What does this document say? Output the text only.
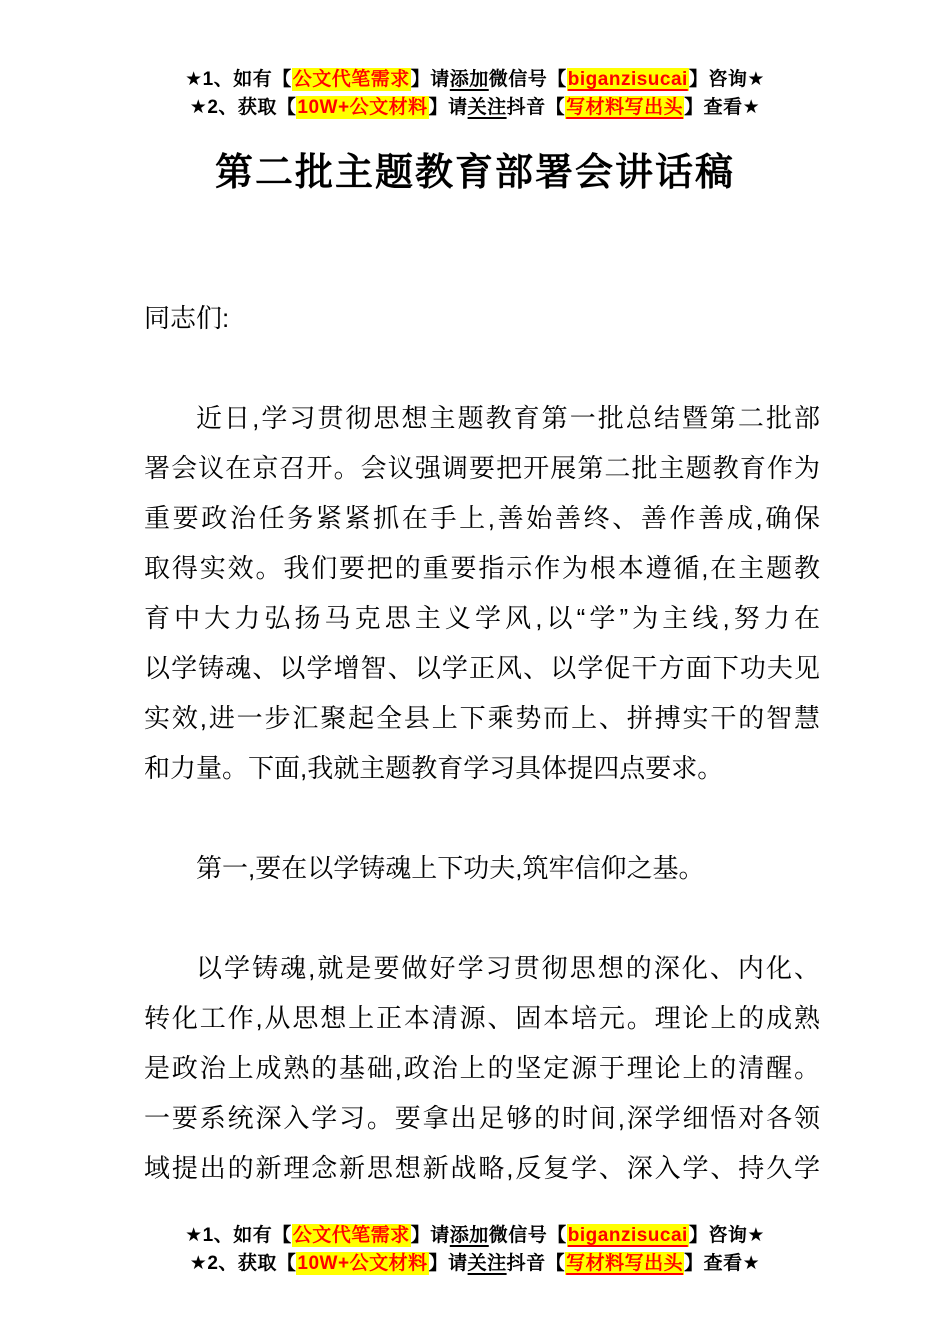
★1、如有【公文代笔需求】请添加微信号【biganzisucai】咨询★
★2、获取【10W+公文材料】请关注抖音【写材料写出头】查看★
第二批主题教育部署会讲话稿
同志们:
近日,学习贯彻思想主题教育第一批总结暨第二批部
署会议在京召开。会议强调要把开展第二批主题教育作为
重要政治任务紧紧抓在手上,善始善终、善作善成,确保
取得实效。我们要把的重要指示作为根本遵循,在主题教
育中大力弘扬马克思主义学风,以“学”为主线,努力在
以学铸魂、以学增智、以学正风、以学促干方面下功夫见
实效,进一步汇聚起全县上下乘势而上、拼搏实干的智慧
和力量。下面,我就主题教育学习具体提四点要求。
第一,要在以学铸魂上下功夫,筑牢信仰之基。
以学铸魂,就是要做好学习贯彻思想的深化、内化、
转化工作,从思想上正本清源、固本培元。理论上的成熟
是政治上成熟的基础,政治上的坚定源于理论上的清醒。
一要系统深入学习。要拿出足够的时间,深学细悟对各领
域提出的新理念新思想新战略,反复学、深入学、持久学
★1、如有【公文代笔需求】请添加微信号【biganzisucai】咨询★
★2、获取【10W+公文材料】请关注抖音【写材料写出头】查看★
